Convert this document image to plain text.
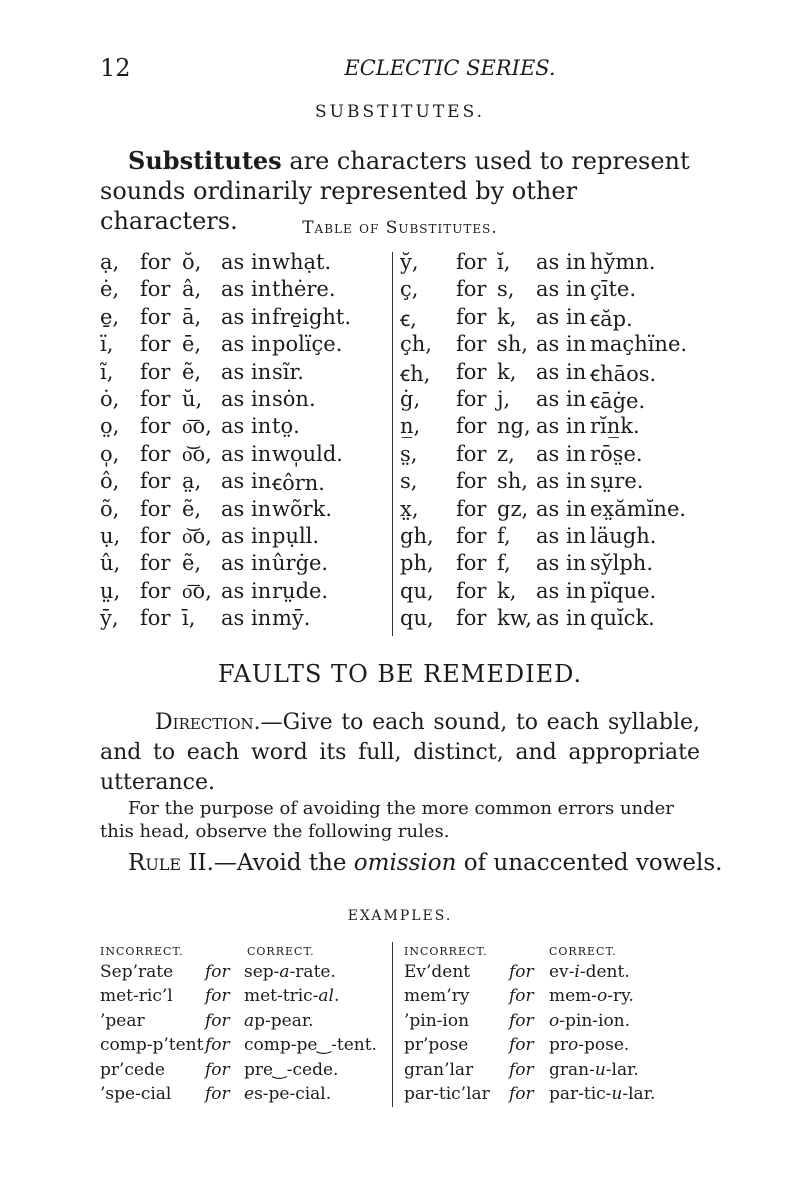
12	ECLECTIC SERIES.
SUBSTITUTES.

Substitutes are characters used to represent sounds ordinarily represented by other characters.	Table of Substitutes.
ạ, for ŏ, as in whạt.
ė, for â, as in thėre.
e̱, for ā, as in fre̱ight.
ï, for ē, as in polïçe.
ĩ, for ẽ, as in sĩr.
ȯ, for ŭ, as in sȯn.
o̤, for o͞o, as in to̤.
o̩, for o͝o, as in wo̩uld.
ô, for a̤, as in ꞓôrn.
õ, for ẽ, as in wõrk.
ụ, for o͝o, as in pụll.
û, for ẽ, as in ûrġe.
ṳ, for o͞o, as in rṳde.
ȳ, for ī, as in mȳ.
y̆, for ĭ, as in hy̆mn.
ç, for s, as in çīte.
ꞓ, for k, as in ꞓăp.
çh, for sh, as in maçhïne.
ꞓh, for k, as in ꞓhāos.
ġ, for j, as in ꞓāġe.
n̲, for ng, as in rĭn̲k.
s̤, for z, as in rōs̤e.
s, for sh, as in sṳre.
x̤, for gz, as in ex̤ămĭne.
gh, for f, as in läugh.
ph, for f, as in sy̆lph.
qu, for k, as in pïque.
qu, for kw, as in quĭck.
FAULTS TO BE REMEDIED.

Direction.—Give to each sound, to each syllable, and to each word its full, distinct, and appropriate utterance.

For the purpose of avoiding the more common errors under this head, observe the following rules.

Rule II.—Avoid the omission of unaccented vowels.
EXAMPLES.
INCORRECT.	CORRECT.	INCORRECT.	CORRECT.
Sep’rate for sep-a-rate.
met-ric’l for met-tric-al.
’pear	for ap-pear.
comp-p’tent for comp-pe‿-tent.
pr’cede for pre‿-cede.
’spe-cial for es-pe-cial.
Ev’dent for ev-i-dent.
mem’ry for mem-o-ry.
’pin-ion for o-pin-ion.
pr’pose for pro-pose.
gran’lar for gran-u-lar.
par-tic’lar for par-tic-u-lar.
